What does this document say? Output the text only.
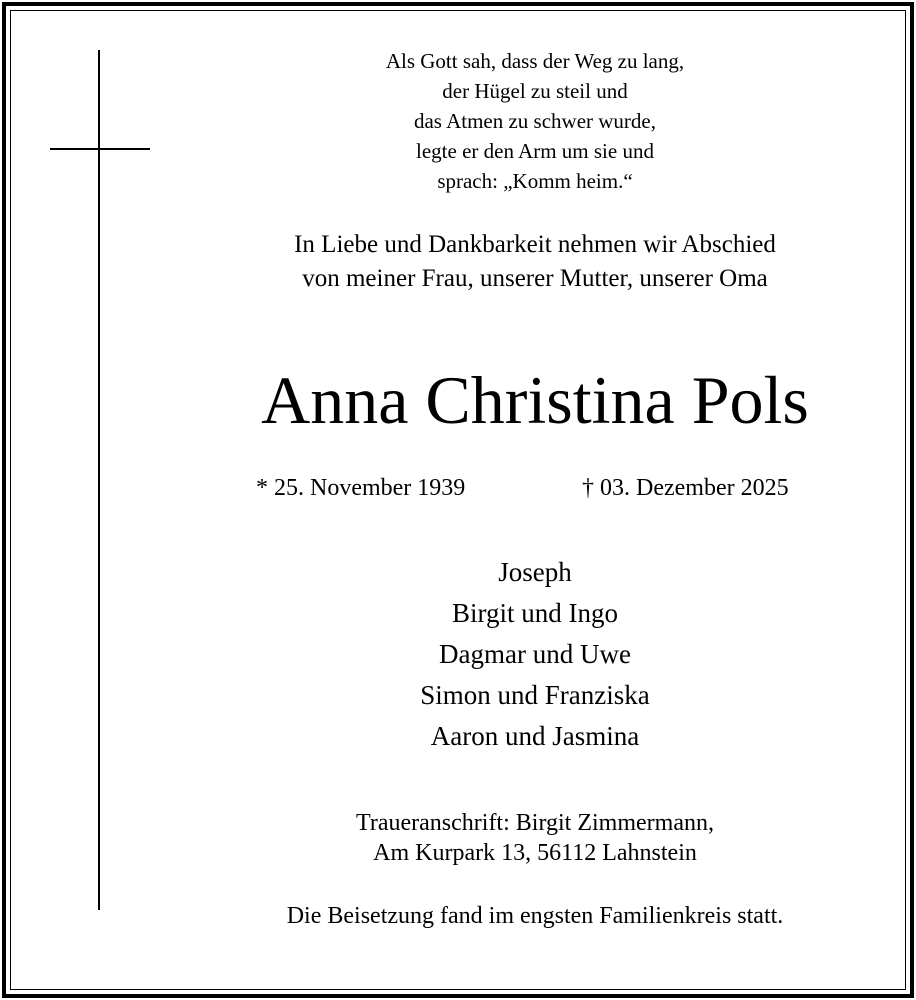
Als Gott sah, dass der Weg zu lang,
der Hügel zu steil und
das Atmen zu schwer wurde,
legte er den Arm um sie und
sprach: „Komm heim.“
In Liebe und Dankbarkeit nehmen wir Abschied
von meiner Frau, unserer Mutter, unserer Oma
Anna Christina Pols
* 25. November 1939	† 03. Dezember 2025
Joseph
Birgit und Ingo
Dagmar und Uwe
Simon und Franziska
Aaron und Jasmina
Traueranschrift: Birgit Zimmermann,
Am Kurpark 13, 56112 Lahnstein
Die Beisetzung fand im engsten Familienkreis statt.
